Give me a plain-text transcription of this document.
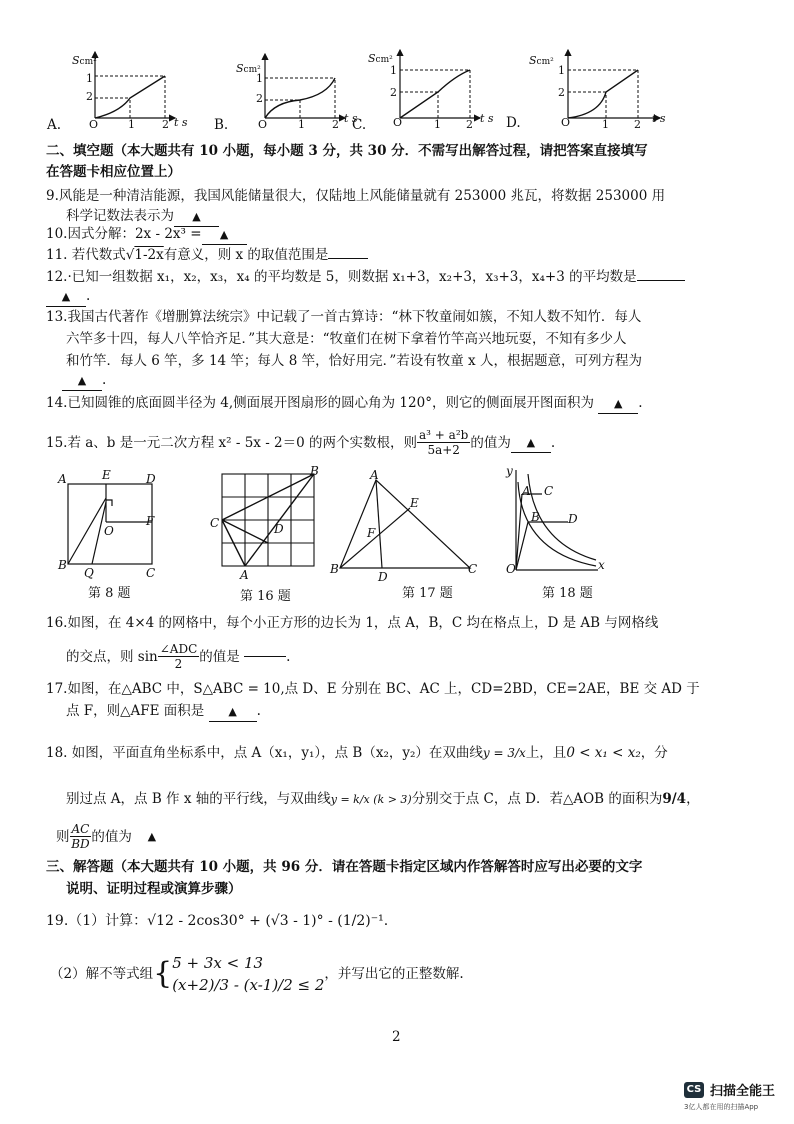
Scm²
1
2
O	1 2 t s
A.
Scm²
1
2
O	1 2 t s
B.
Scm²
1
2
O	1 2 t s
C.
Scm²
1
2
O	1 2 t s
D.
二、填空题（本大题共有 10 小题，每小题 3 分，共 30 分．不需写出解答过程，请把答案直接填写
在答题卡相应位置上）
9.风能是一种清洁能源，我国风能储量很大，仅陆地上风能储量就有 253000 兆瓦，将数据 253000 用
科学记数法表示为 ▲
10.因式分解：2x - 2x³ = ▲
11. 若代数式√1-2x有意义，则 x 的取值范围是
12.·已知一组数据 x₁，x₂，x₃，x₄ 的平均数是 5，则数据 x₁+3，x₂+3，x₃+3，x₄+3 的平均数是
▲ .
13.我国古代著作《增删算法统宗》中记载了一首古算诗：“林下牧童闹如簇，不知人数不知竹．每人
六竿多十四，每人八竿恰齐足．”其大意是：“牧童们在树下拿着竹竿高兴地玩耍，不知有多少人
和竹竿．每人 6 竿，多 14 竿；每人 8 竿，恰好用完．”若设有牧童 x 人，根据题意，可列方程为
▲ .
14.已知圆锥的底面圆半径为 4,侧面展开图扇形的圆心角为 120°，则它的侧面展开图面积为 ▲ .
15.若 a、b 是一元二次方程 x² - 5x - 2＝0 的两个实数根，则 $\frac{\text{a³ + a²b}}{5a+2}$ 的值为	▲	.
A	E	D
O
F
B
Q	C
B
C	D
A
A
E
F
B
D
C
y
A C
B D
O	x
第 8 题	第 16 题	第 17 题	第 18 题
16.如图，在 4×4 的网格中，每个小正方形的边长为 1，点 A，B，C 均在格点上，D 是 AB 与网格线
的交点，则 $\sin \frac{\text{∠ADC}}{2}$ 的值是
	.
17.如图，在△ABC 中，S△ABC = 10,点 D、E 分别在 BC、AC 上，CD=2BD，CE=2AE，BE 交 AD 于
点 F，则△AFE 面积是 ▲ .
18. 如图，平面直角坐标系中，点 A（x₁，y₁），点 B（x₂，y₂）在双曲线y = 3/x上，且0 < x₁ < x₂，分
别过点 A，点 B 作 x 轴的平行线，与双曲线y = k/x (k > 3)分别交于点 C，点 D．若△AOB 的面积为9/4，
则 $\frac{AC}{BD}$ 的值为	▲
三、解答题（本大题共有 10 小题，共 96 分．请在答题卡指定区域内作答解答时应写出必要的文字
说明、证明过程或演算步骤）
19.（1）计算：√12 - 2cos30° + (√3 - 1)° - (1/2)⁻¹.
（2）解不等式组 { 5 + 3x < 13
(x+2)/3 - (x-1)/2 ≤ 2
，并写出它的正整数解.
2
CS 扫描全能王
3亿人都在用的扫描App
